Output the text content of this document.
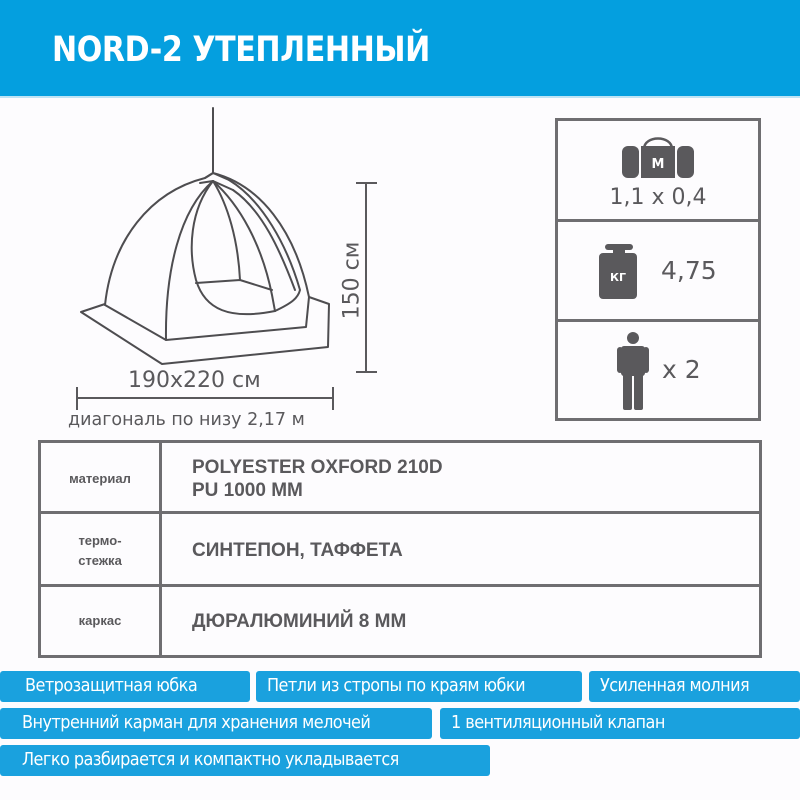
NORD-2 УТЕПЛЕННЫЙ
190x220 см
150 см
диагональ по низу 2,17 м
М
1,1 x 0,4
КГ 4,75
x 2
материал	POLYESTER OXFORD 210D
PU 1000 MM
термо-
стежка	СИНТЕПОН, ТАФФЕТА
каркас	ДЮРАЛЮМИНИЙ 8 ММ
Ветрозащитная юбка	Петли из стропы по краям юбки	Усиленная молния
Внутренний карман для хранения мелочей	1 вентиляционный клапан
Легко разбирается и компактно укладывается
